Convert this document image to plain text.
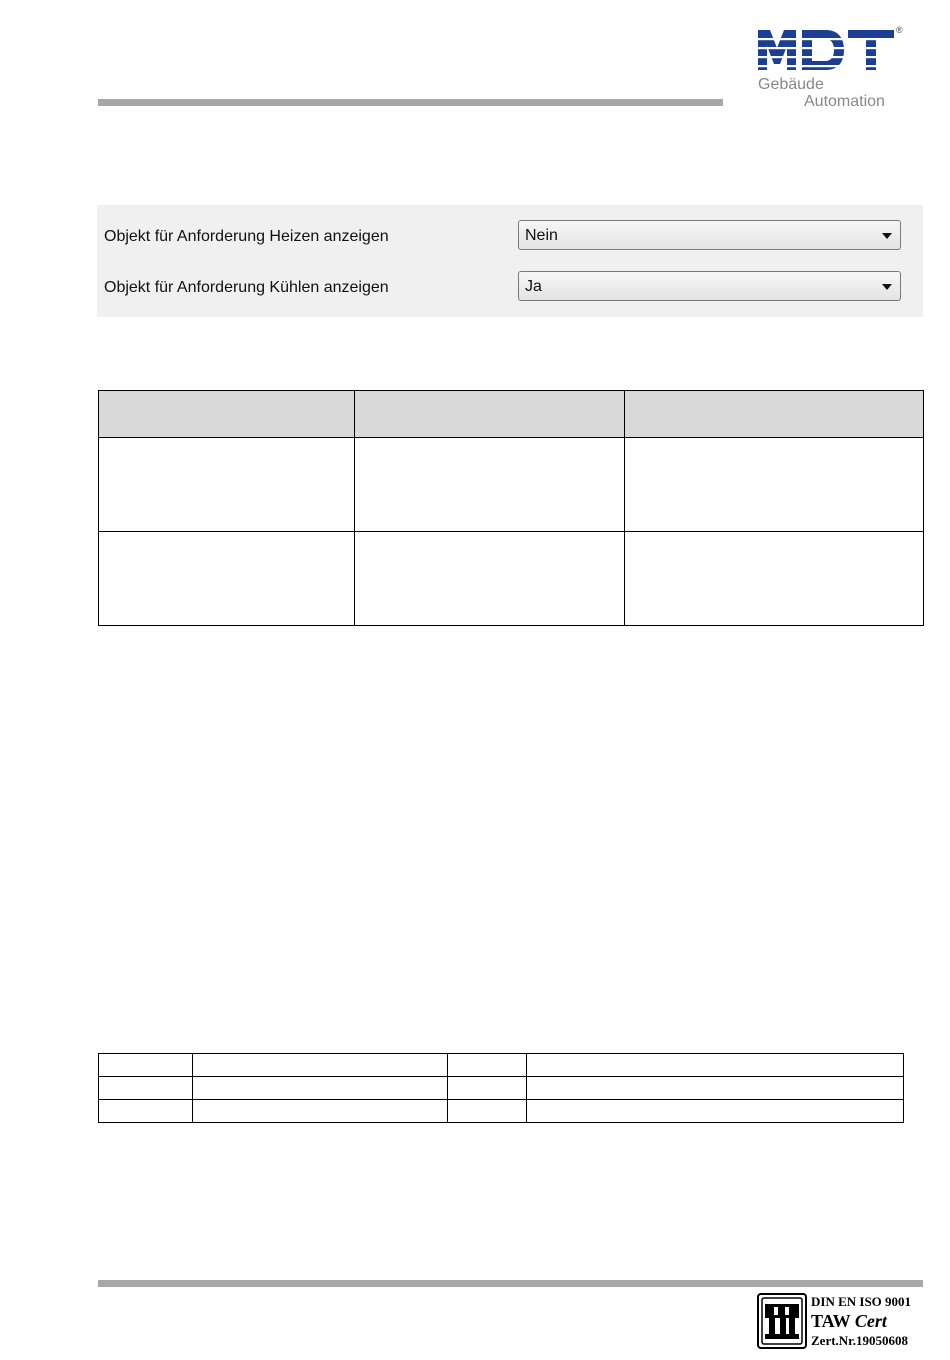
®
Gebäude
Automation
Objekt für Anforderung Heizen anzeigen	Nein
Objekt für Anforderung Kühlen anzeigen	Ja

DIN EN ISO 9001
TAW Cert
Zert.Nr.19050608
